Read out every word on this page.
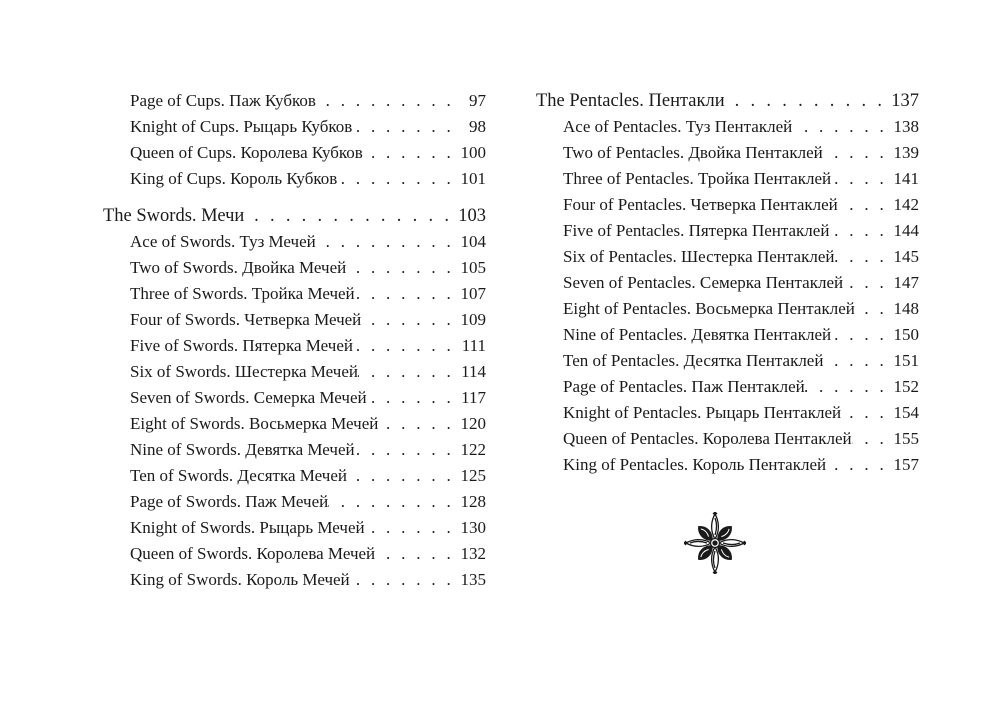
Page of Cups. Паж Кубков . . .	97
Knight of Cups. Рыцарь Кубков . . .	98
Queen of Cups. Королева Кубков . . .	100
King of Cups. Король Кубков . . .	101
The Swords. Мечи . . .	103
Ace of Swords. Туз Мечей . . .	104
Two of Swords. Двойка Мечей . . .	105
Three of Swords. Тройка Мечей . . .	107
Four of Swords. Четверка Мечей . . .	109
Five of Swords. Пятерка Мечей . . .	111
Six of Swords. Шестерка Мечей . . .	114
Seven of Swords. Семерка Мечей . . .	117
Eight of Swords. Восьмерка Мечей . . .	120
Nine of Swords. Девятка Мечей . . .	122
Ten of Swords. Десятка Мечей . . .	125
Page of Swords. Паж Мечей . . .	128
Knight of Swords. Рыцарь Мечей . . .	130
Queen of Swords. Королева Мечей . . .	132
King of Swords. Король Мечей . . .	135
The Pentacles. Пентакли . . .	137
Ace of Pentacles. Туз Пентаклей . . .	138
Two of Pentacles. Двойка Пентаклей . . .	139
Three of Pentacles. Тройка Пентаклей . . .	141
Four of Pentacles. Четверка Пентаклей . . .	142
Five of Pentacles. Пятерка Пентаклей . . .	144
Six of Pentacles. Шестерка Пентаклей . . .	145
Seven of Pentacles. Семерка Пентаклей . . .	147
Eight of Pentacles. Восьмерка Пентаклей . . . 148
Nine of Pentacles. Девятка Пентаклей . . .	150
Ten of Pentacles. Десятка Пентаклей . . .	151
Page of Pentacles. Паж Пентаклей . . .	152
Knight of Pentacles. Рыцарь Пентаклей . . .	154
Queen of Pentacles. Королева Пентаклей . . . 155
King of Pentacles. Король Пентаклей . . .	157
